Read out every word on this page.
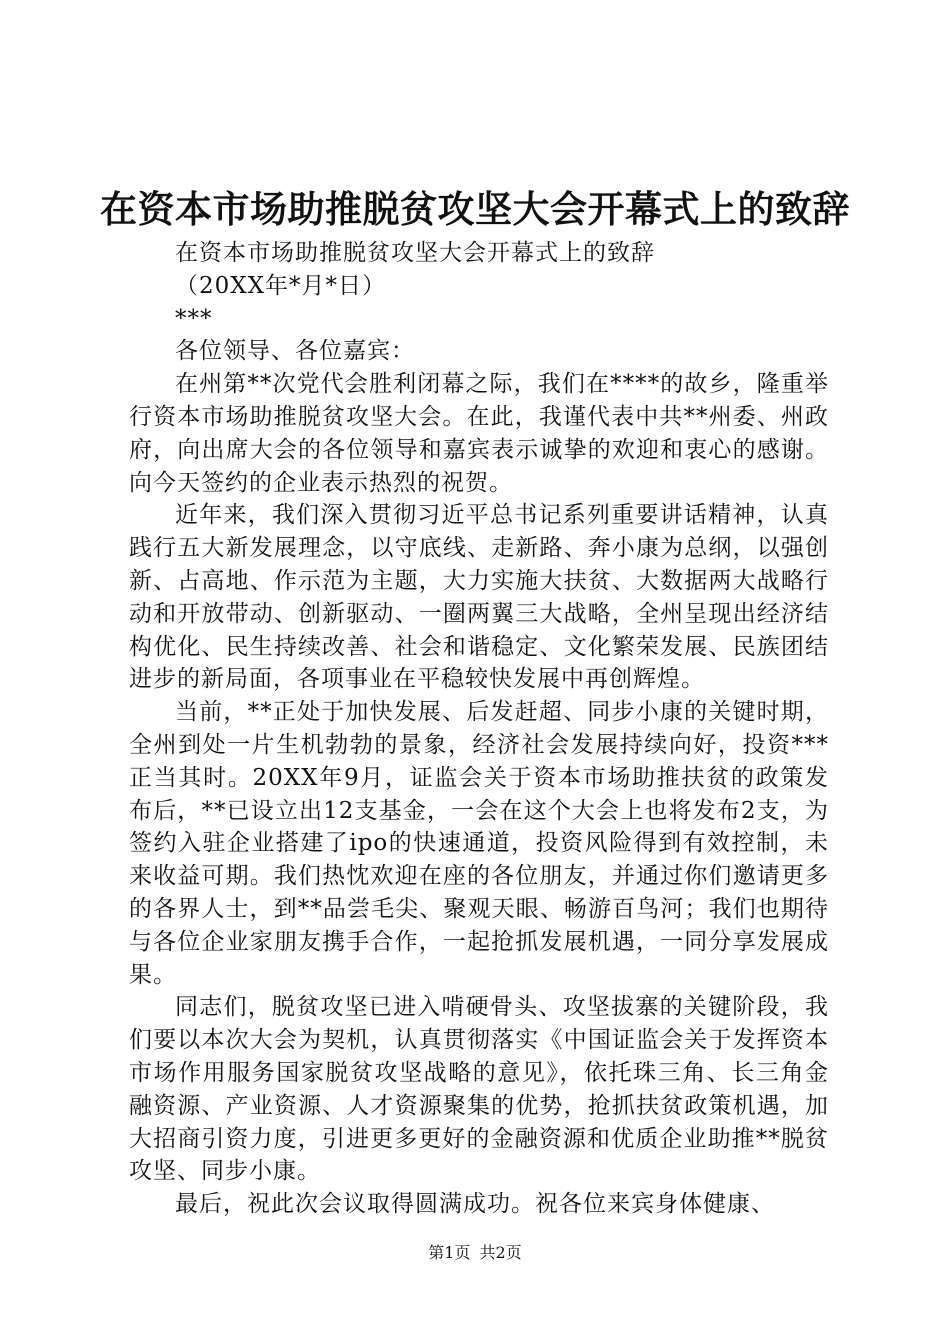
在资本市场助推脱贫攻坚大会开幕式上的致辞

在资本市场助推脱贫攻坚大会开幕式上的致辞

（20XX年*月*日）

***

各位领导、各位嘉宾：

在州第**次党代会胜利闭幕之际，我们在****的故乡，隆重举行资本市场助推脱贫攻坚大会。在此，我谨代表中共**州委、州政府，向出席大会的各位领导和嘉宾表示诚挚的欢迎和衷心的感谢。向今天签约的企业表示热烈的祝贺。

近年来，我们深入贯彻习近平总书记系列重要讲话精神，认真践行五大新发展理念，以守底线、走新路、奔小康为总纲，以强创新、占高地、作示范为主题，大力实施大扶贫、大数据两大战略行动和开放带动、创新驱动、一圈两翼三大战略，全州呈现出经济结构优化、民生持续改善、社会和谐稳定、文化繁荣发展、民族团结进步的新局面，各项事业在平稳较快发展中再创辉煌。

当前，**正处于加快发展、后发赶超、同步小康的关键时期，全州到处一片生机勃勃的景象，经济社会发展持续向好，投资***正当其时。20XX年9月，证监会关于资本市场助推扶贫的政策发布后，**已设立出12支基金，一会在这个大会上也将发布2支，为签约入驻企业搭建了ipo的快速通道，投资风险得到有效控制，未来收益可期。我们热忱欢迎在座的各位朋友，并通过你们邀请更多的各界人士，到**品尝毛尖、聚观天眼、畅游百鸟河；我们也期待与各位企业家朋友携手合作，一起抢抓发展机遇，一同分享发展成果。

同志们，脱贫攻坚已进入啃硬骨头、攻坚拔寨的关键阶段，我们要以本次大会为契机，认真贯彻落实《中国证监会关于发挥资本市场作用服务国家脱贫攻坚战略的意见》，依托珠三角、长三角金融资源、产业资源、人才资源聚集的优势，抢抓扶贫政策机遇，加大招商引资力度，引进更多更好的金融资源和优质企业助推**脱贫攻坚、同步小康。

最后，祝此次会议取得圆满成功。祝各位来宾身体健康、

第1页 共2页
